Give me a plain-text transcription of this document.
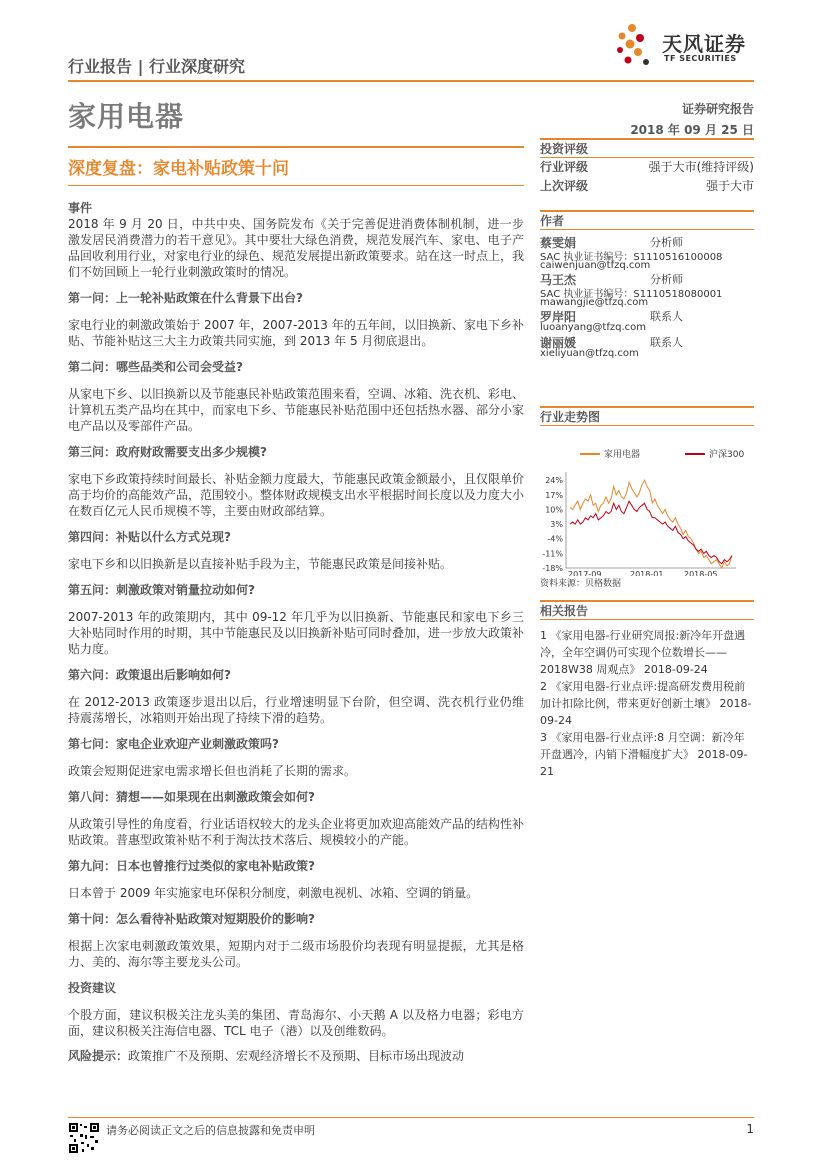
行业报告 | 行业深度研究
天风证券
TF SECURITIES
家用电器	证券研究报告
2018 年 09 月 25 日
深度复盘：家电补贴政策十问
事件

2018 年 9 月 20 日，中共中央、国务院发布《关于完善促进消费体制机制，进一步激发居民消费潜力的若干意见》。其中要壮大绿色消费，规范发展汽车、家电、电子产品回收利用行业，对家电行业的绿色、规范发展提出新政策要求。站在这一时点上，我们不妨回顾上一轮行业刺激政策时的情况。

第一问：上一轮补贴政策在什么背景下出台?

家电行业的刺激政策始于 2007 年，2007-2013 年的五年间，以旧换新、家电下乡补贴、节能补贴这三大主力政策共同实施，到 2013 年 5 月彻底退出。

第二问：哪些品类和公司会受益?

从家电下乡、以旧换新以及节能惠民补贴政策范围来看，空调、冰箱、洗衣机、彩电、计算机五类产品均在其中，而家电下乡、节能惠民补贴范围中还包括热水器、部分小家电产品以及零部件产品。

第三问：政府财政需要支出多少规模?

家电下乡政策持续时间最长、补贴金额力度最大，节能惠民政策金额最小，且仅限单价高于均价的高能效产品，范围较小。整体财政规模支出水平根据时间长度以及力度大小在数百亿元人民币规模不等，主要由财政部结算。

第四问：补贴以什么方式兑现?

家电下乡和以旧换新是以直接补贴手段为主，节能惠民政策是间接补贴。

第五问：刺激政策对销量拉动如何?

2007-2013 年的政策期内，其中 09-12 年几乎为以旧换新、节能惠民和家电下乡三大补贴同时作用的时期，其中节能惠民及以旧换新补贴可同时叠加，进一步放大政策补贴力度。

第六问：政策退出后影响如何?

在 2012-2013 政策逐步退出以后，行业增速明显下台阶，但空调、洗衣机行业仍维持震荡增长，冰箱则开始出现了持续下滑的趋势。

第七问：家电企业欢迎产业刺激政策吗?

政策会短期促进家电需求增长但也消耗了长期的需求。

第八问：猜想——如果现在出刺激政策会如何?

从政策引导性的角度看，行业话语权较大的龙头企业将更加欢迎高能效产品的结构性补贴政策。普惠型政策补贴不利于淘汰技术落后、规模较小的产能。

第九问：日本也曾推行过类似的家电补贴政策?

日本曾于 2009 年实施家电环保积分制度，刺激电视机、冰箱、空调的销量。

第十问：怎么看待补贴政策对短期股价的影响?

根据上次家电刺激政策效果，短期内对于二级市场股价均表现有明显提振，尤其是格力、美的、海尔等主要龙头公司。

投资建议

个股方面，建议积极关注龙头美的集团、青岛海尔、小天鹅 A 以及格力电器；彩电方面，建议积极关注海信电器、TCL 电子（港）以及创维数码。

风险提示：政策推广不及预期、宏观经济增长不及预期、目标市场出现波动

投资评级
行业评级	强于大市(维持评级)
上次评级	强于大市
作者
蔡雯娟	分析师
SAC 执业证书编号：S1110516100008
caiwenjuan@tfzq.com
马王杰	分析师
SAC 执业证书编号：S1110518080001
mawangjie@tfzq.com
罗岸阳	联系人
luoanyang@tfzq.com
谢丽媛	联系人
xieliyuan@tfzq.com
行业走势图
家用电器	沪深300
24%
17%
10%
3%
-4%
-11%
-18%
2017-09	2018-01	2018-05
资料来源：贝格数据
相关报告
1 《家用电器-行业研究周报:新冷年开盘遇冷，全年空调仍可实现个位数增长——2018W38 周观点》 2018-09-24
2 《家用电器-行业点评:提高研发费用税前加计扣除比例，带来更好创新土壤》 2018-09-24
3 《家用电器-行业点评:8 月空调：新冷年开盘遇冷，内销下滑幅度扩大》 2018-09-21
请务必阅读正文之后的信息披露和免责申明	1
